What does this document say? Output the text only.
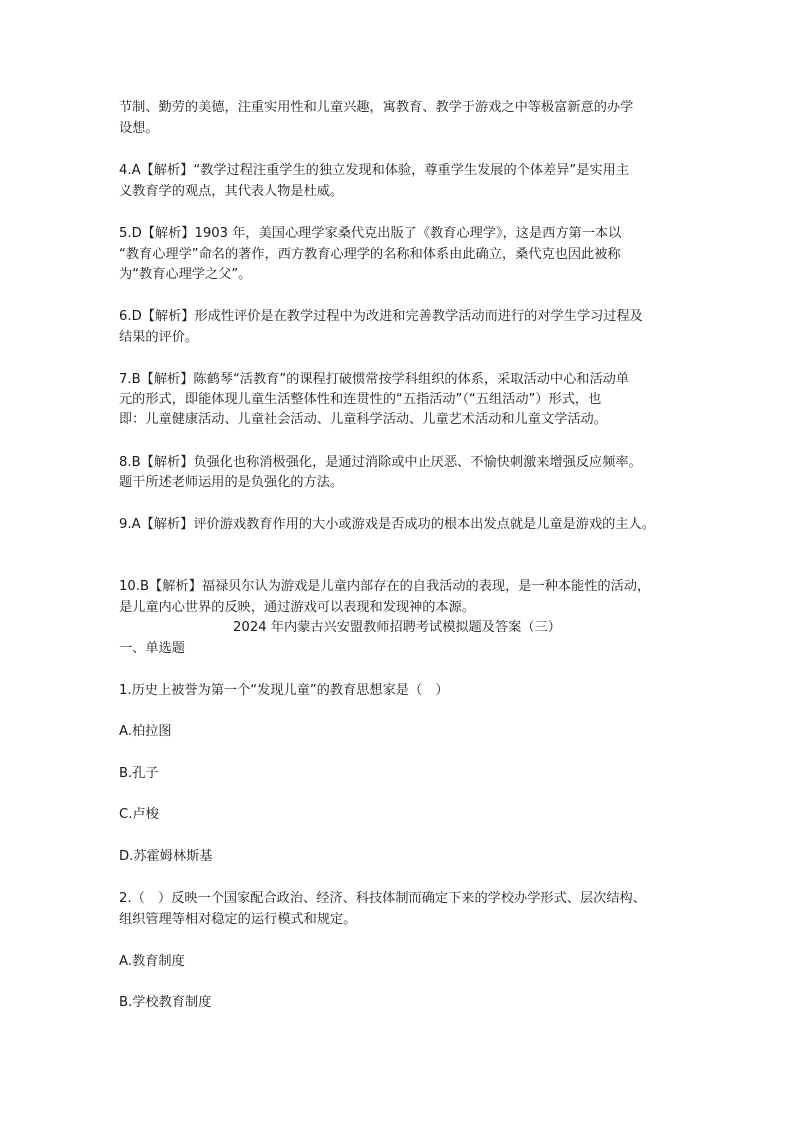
节制、勤劳的美德，注重实用性和儿童兴趣，寓教育、教学于游戏之中等极富新意的办学
设想。
4.A【解析】“教学过程注重学生的独立发现和体验，尊重学生发展的个体差异”是实用主
义教育学的观点，其代表人物是杜威。
5.D【解析】1903 年，美国心理学家桑代克出版了《教育心理学》，这是西方第一本以
“教育心理学”命名的著作，西方教育心理学的名称和体系由此确立，桑代克也因此被称
为“教育心理学之父”。
6.D【解析】形成性评价是在教学过程中为改进和完善教学活动而进行的对学生学习过程及
结果的评价。
7.B【解析】陈鹤琴“活教育”的课程打破惯常按学科组织的体系，采取活动中心和活动单
元的形式，即能体现儿童生活整体性和连贯性的“五指活动”（“五组活动”）形式，也
即：儿童健康活动、儿童社会活动、儿童科学活动、儿童艺术活动和儿童文学活动。
8.B【解析】负强化也称消极强化，是通过消除或中止厌恶、不愉快刺激来增强反应频率。
题干所述老师运用的是负强化的方法。
9.A【解析】评价游戏教育作用的大小或游戏是否成功的根本出发点就是儿童是游戏的主人。
10.B【解析】福禄贝尔认为游戏是儿童内部存在的自我活动的表现，是一种本能性的活动，
是儿童内心世界的反映，通过游戏可以表现和发现神的本源。
2024 年内蒙古兴安盟教师招聘考试模拟题及答案（三）
一、单选题
1.历史上被誉为第一个“发现儿童”的教育思想家是（　）
A.柏拉图
B.孔子
C.卢梭
D.苏霍姆林斯基
2.（　）反映一个国家配合政治、经济、科技体制而确定下来的学校办学形式、层次结构、
组织管理等相对稳定的运行模式和规定。
A.教育制度
B.学校教育制度
